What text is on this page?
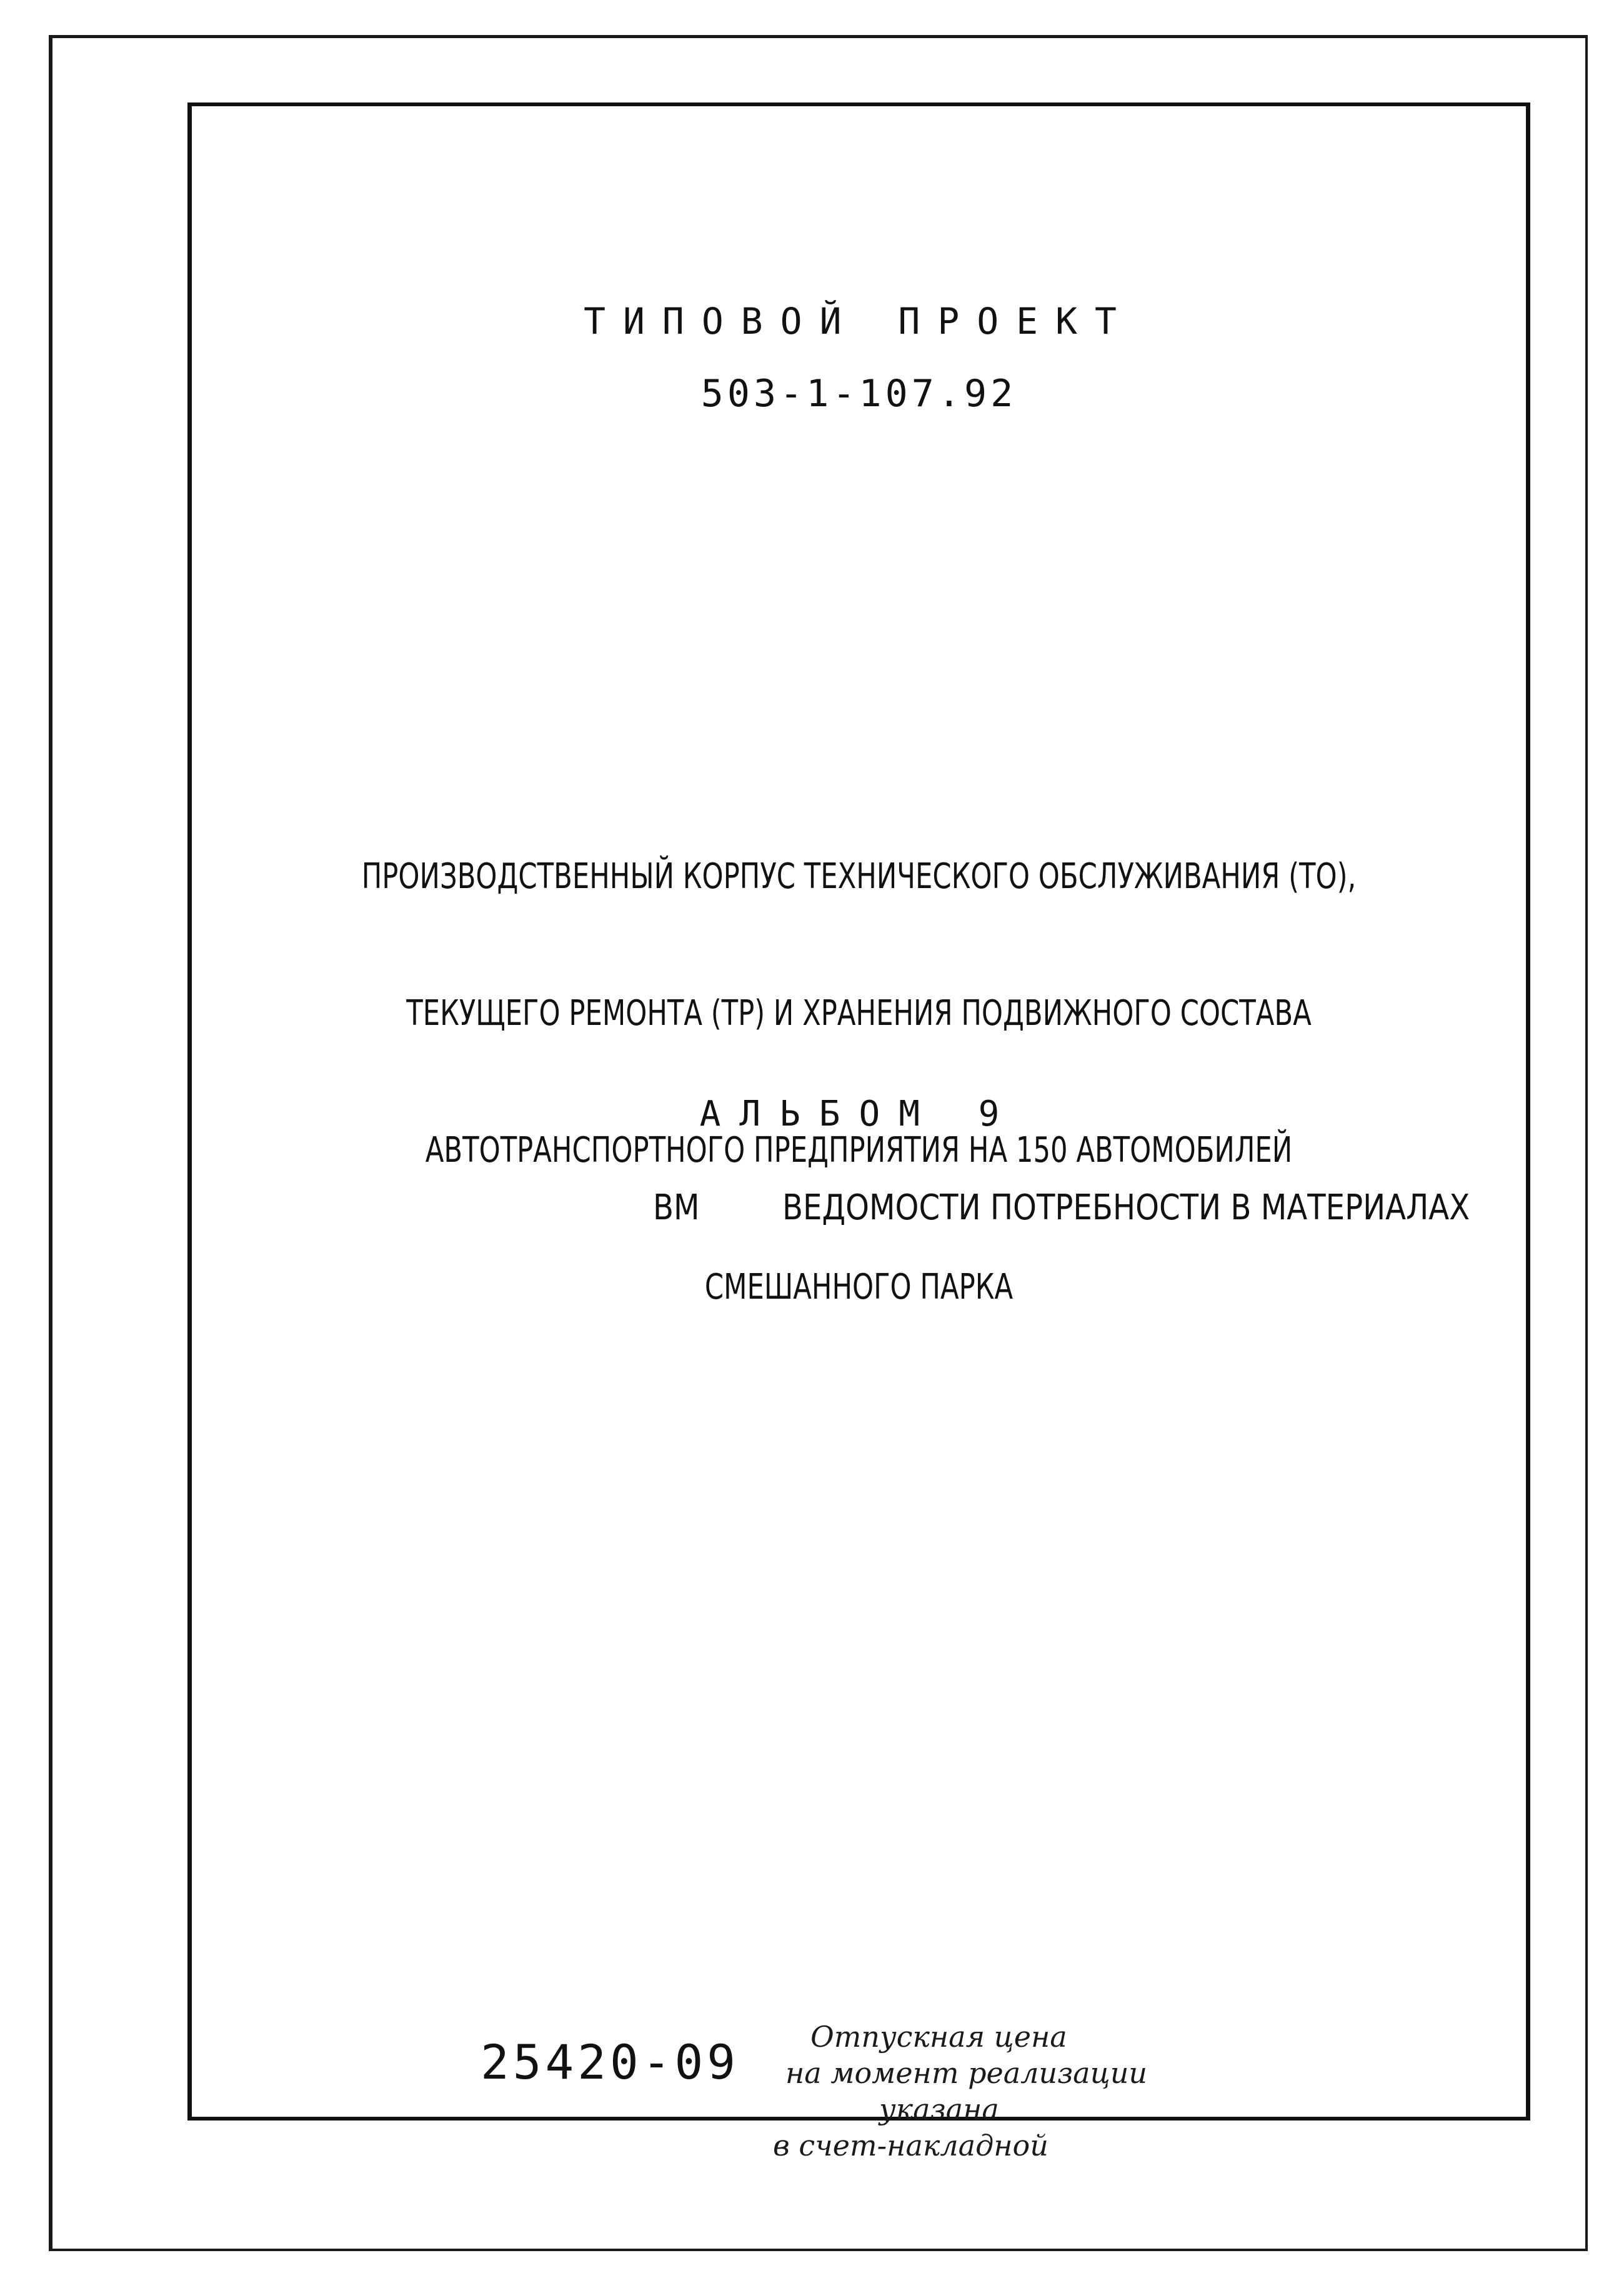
ТИПОВОЙ ПРОЕКТ
503-1-107.92

ПРОИЗВОДСТВЕННЫЙ КОРПУС ТЕХНИЧЕСКОГО ОБСЛУЖИВАНИЯ (ТО),

ТЕКУЩЕГО РЕМОНТА (ТР) И ХРАНЕНИЯ ПОДВИЖНОГО СОСТАВА

АВТОТРАНСПОРТНОГО ПРЕДПРИЯТИЯ НА 150 АВТОМОБИЛЕЙ

СМЕШАННОГО ПАРКА

АЛЬБОМ 9
ВМ ВЕДОМОСТИ ПОТРЕБНОСТИ В МАТЕРИАЛАХ
25420-09	Отпускная цена
на момент реализации
указана
в счет-накладной
